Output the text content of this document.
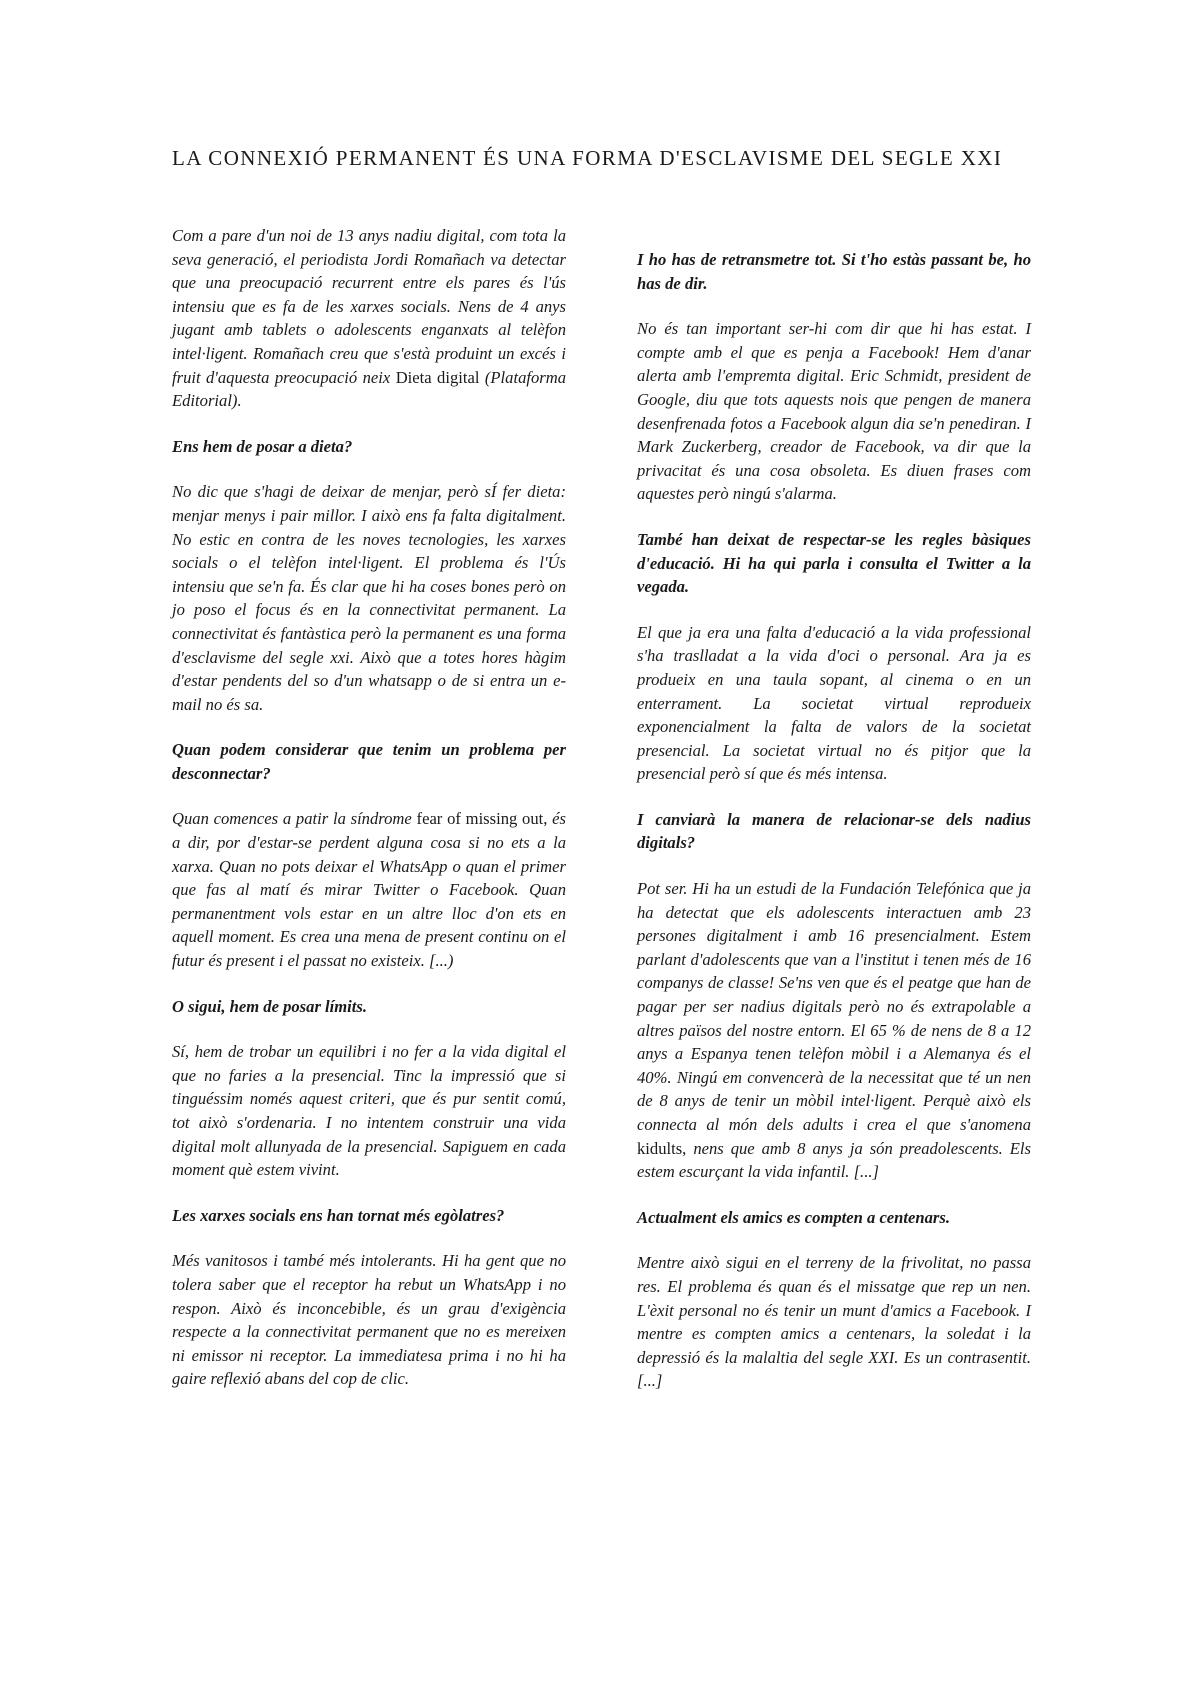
LA CONNEXIÓ PERMANENT ÉS UNA FORMA D'ESCLAVISME DEL SEGLE XXI

Com a pare d'un noi de 13 anys nadiu digital, com tota la seva generació, el periodista Jordi Romañach va detectar que una preocupació recurrent entre els pares és l'ús intensiu que es fa de les xarxes socials. Nens de 4 anys jugant amb tablets o adolescents enganxats al telèfon intel·ligent. Romañach creu que s'està produint un excés i fruit d'aquesta preocupació neix Dieta digital (Plataforma Editorial).

Ens hem de posar a dieta?

No dic que s'hagi de deixar de menjar, però sÍ fer dieta: menjar menys i pair millor. I això ens fa falta digitalment. No estic en contra de les noves tecnologies, les xarxes socials o el telèfon intel·ligent. El problema és l'Ús intensiu que se'n fa. És clar que hi ha coses bones però on jo poso el focus és en la connectivitat permanent. La connectivitat és fantàstica però la permanent es una forma d'esclavisme del segle xxi. Això que a totes hores hàgim d'estar pendents del so d'un whatsapp o de si entra un e-mail no és sa.

Quan podem considerar que tenim un problema per desconnectar?

Quan comences a patir la síndrome fear of missing out, és a dir, por d'estar-se perdent alguna cosa si no ets a la xarxa. Quan no pots deixar el WhatsApp o quan el primer que fas al matí és mirar Twitter o Facebook. Quan permanentment vols estar en un altre lloc d'on ets en aquell moment. Es crea una mena de present continu on el futur és present i el passat no existeix. [...)

O sigui, hem de posar límits.

Sí, hem de trobar un equilibri i no fer a la vida digital el que no faries a la presencial. Tinc la impressió que si tinguéssim només aquest criteri, que és pur sentit comú, tot això s'ordenaria. I no intentem construir una vida digital molt allunyada de la presencial. Sapiguem en cada moment què estem vivint.

Les xarxes socials ens han tornat més egòlatres?

Més vanitosos i també més intolerants. Hi ha gent que no tolera saber que el receptor ha rebut un WhatsApp i no respon. Això és inconcebible, és un grau d'exigència respecte a la connectivitat permanent que no es mereixen ni emissor ni receptor. La immediatesa prima i no hi ha gaire reflexió abans del cop de clic.

I ho has de retransmetre tot. Si t'ho estàs passant be, ho has de dir.

No és tan important ser-hi com dir que hi has estat. I compte amb el que es penja a Facebook! Hem d'anar alerta amb l'empremta digital. Eric Schmidt, president de Google, diu que tots aquests nois que pengen de manera desenfrenada fotos a Facebook algun dia se'n penediran. I Mark Zuckerberg, creador de Facebook, va dir que la privacitat és una cosa obsoleta. Es diuen frases com aquestes però ningú s'alarma.

També han deixat de respectar-se les regles bàsiques d'educació. Hi ha qui parla i consulta el Twitter a la vegada.

El que ja era una falta d'educació a la vida professional s'ha traslladat a la vida d'oci o personal. Ara ja es produeix en una taula sopant, al cinema o en un enterrament. La societat virtual reprodueix exponencialment la falta de valors de la societat presencial. La societat virtual no és pitjor que la presencial però sí que és més intensa.

I canviarà la manera de relacionar-se dels nadius digitals?

Pot ser. Hi ha un estudi de la Fundación Telefónica que ja ha detectat que els adolescents interactuen amb 23 persones digitalment i amb 16 presencialment. Estem parlant d'adolescents que van a l'institut i tenen més de 16 companys de classe! Se'ns ven que és el peatge que han de pagar per ser nadius digitals però no és extrapolable a altres països del nostre entorn. El 65 % de nens de 8 a 12 anys a Espanya tenen telèfon mòbil i a Alemanya és el 40%. Ningú em convencerà de la necessitat que té un nen de 8 anys de tenir un mòbil intel·ligent. Perquè això els connecta al món dels adults i crea el que s'anomena kidults, nens que amb 8 anys ja són preadolescents. Els estem escurçant la vida infantil. [...]

Actualment els amics es compten a centenars.

Mentre això sigui en el terreny de la frivolitat, no passa res. El problema és quan és el missatge que rep un nen. L'èxit personal no és tenir un munt d'amics a Facebook. I mentre es compten amics a centenars, la soledat i la depressió és la malaltia del segle XXI. Es un contrasentit. [...]
